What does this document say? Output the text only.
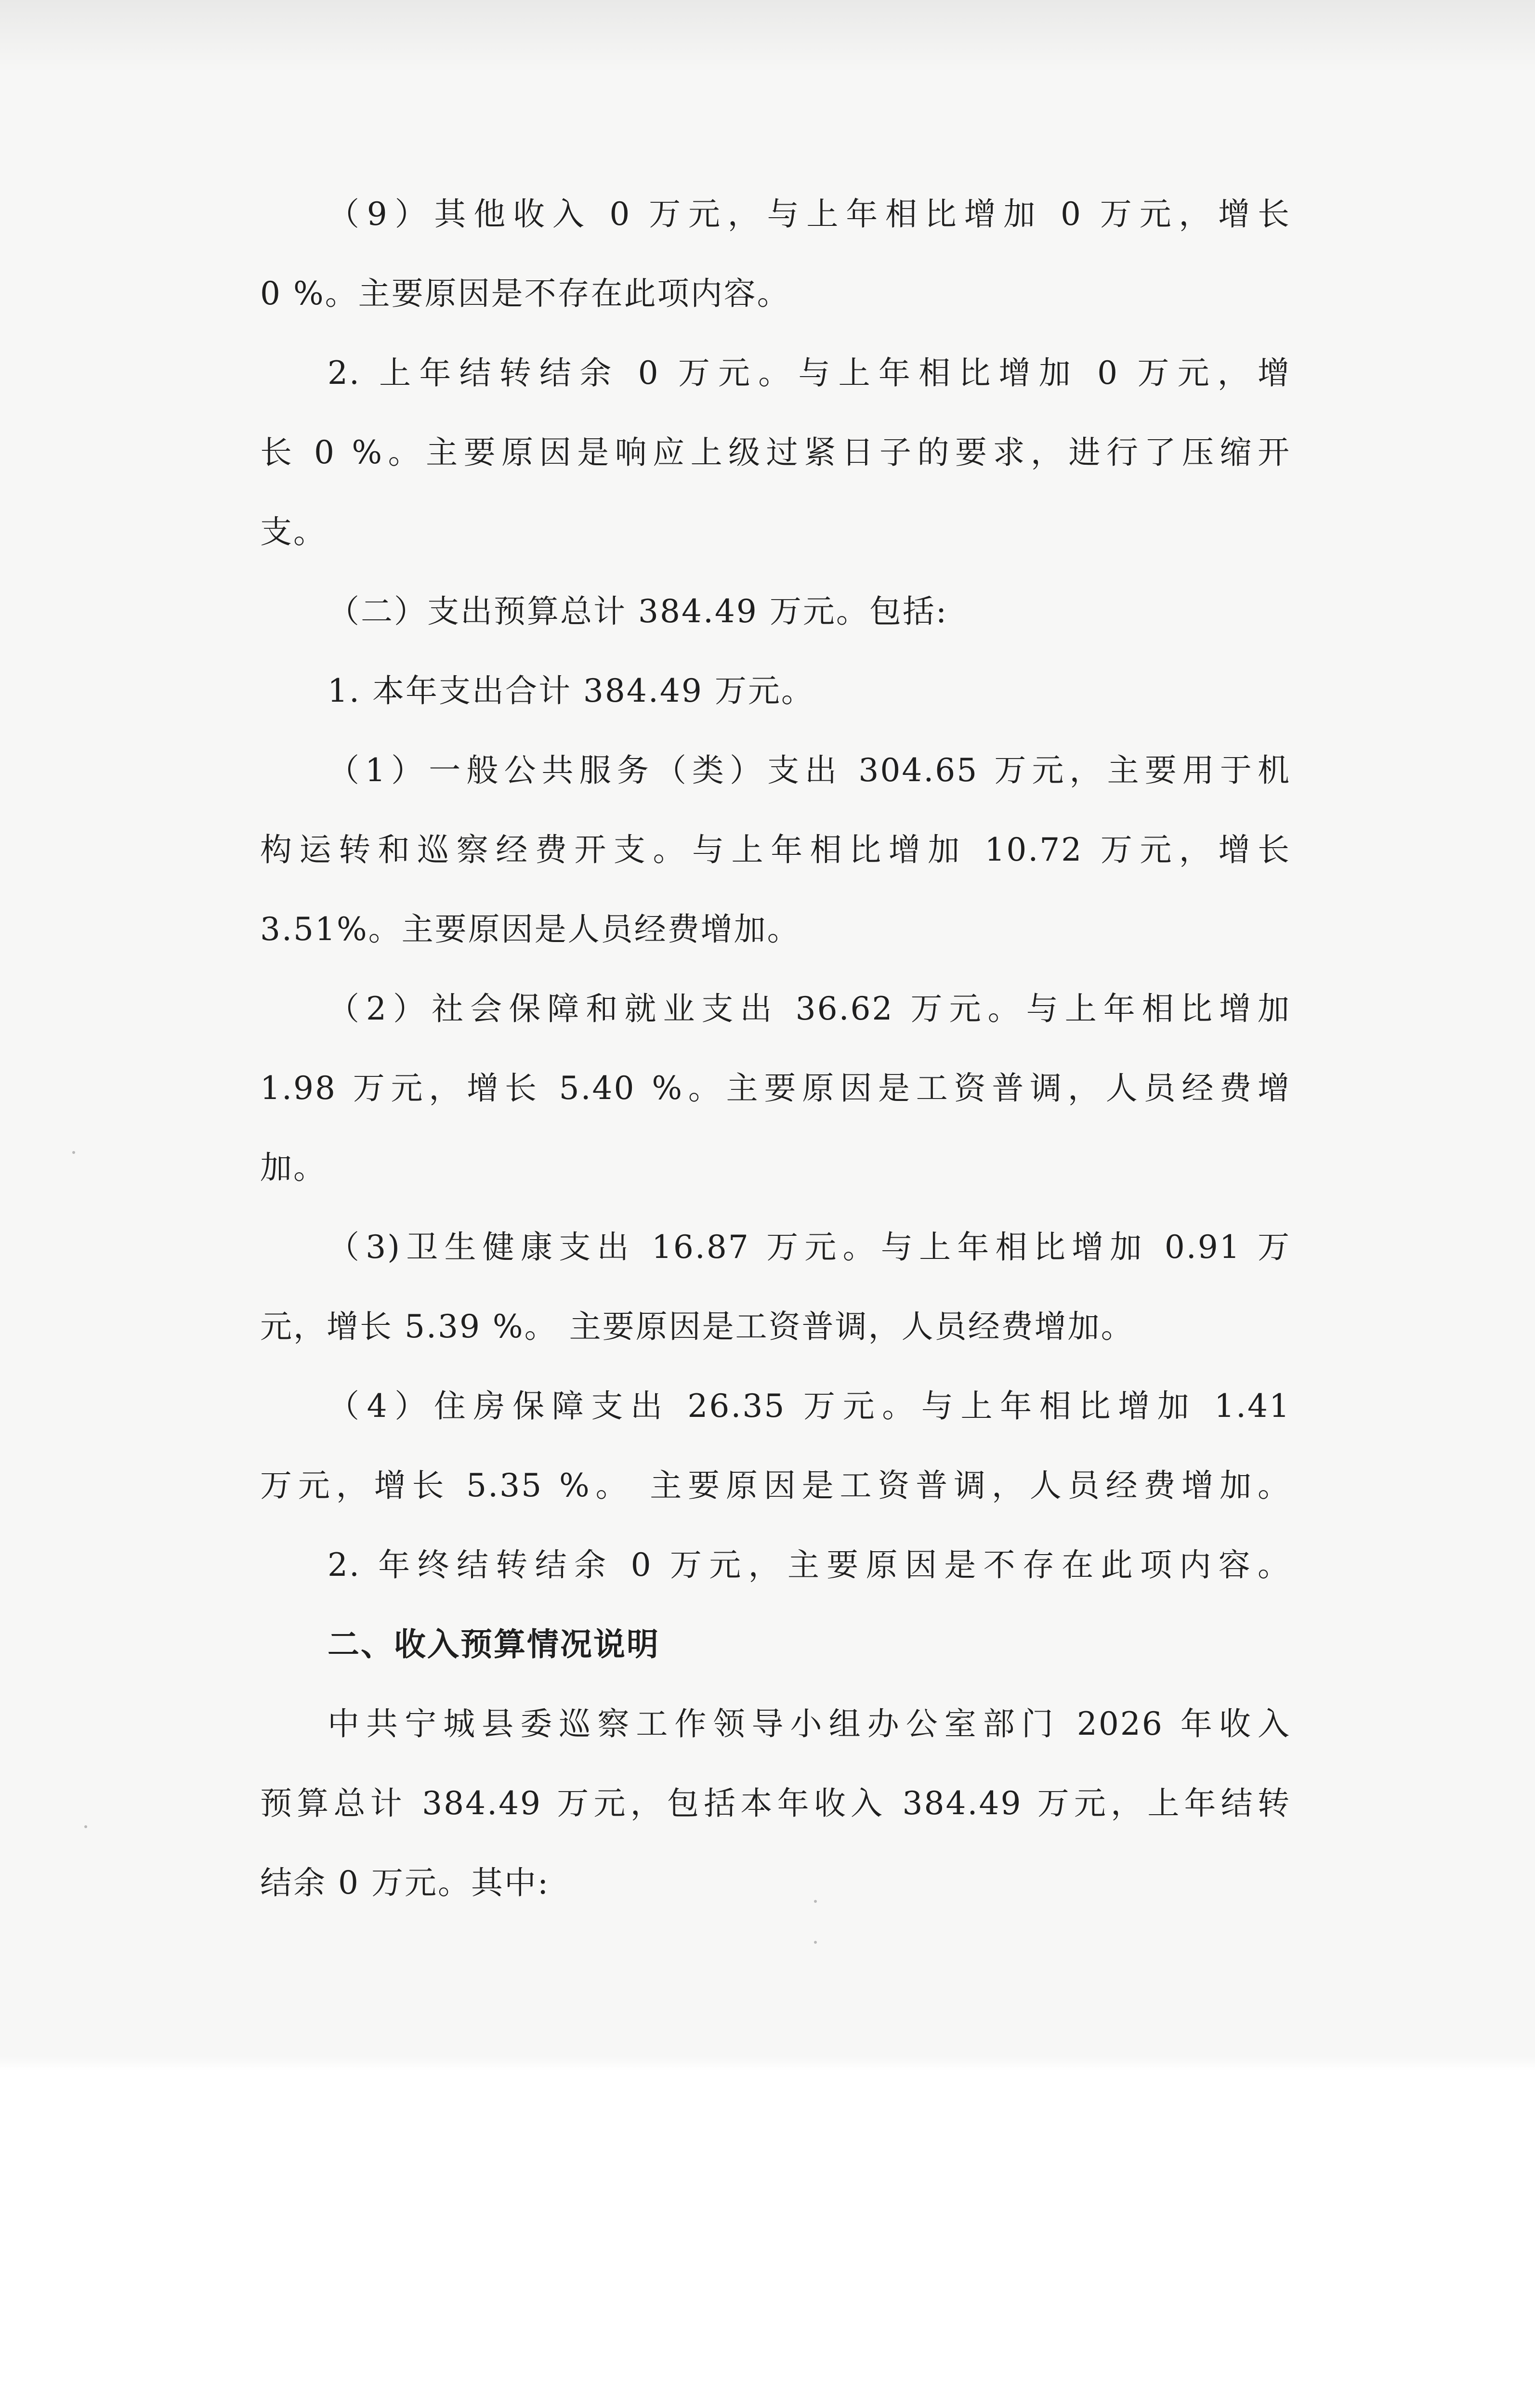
（9）其他收入 0 万元，与上年相比增加 0 万元，增长
0 %。主要原因是不存在此项内容。
2. 上年结转结余 0 万元。与上年相比增加 0 万元，增
长 0 %。主要原因是响应上级过紧日子的要求，进行了压缩开
支。
（二）支出预算总计 384.49 万元。包括:
1. 本年支出合计 384.49 万元。
（1）一般公共服务（类）支出 304.65 万元，主要用于机
构运转和巡察经费开支。与上年相比增加 10.72 万元，增长
3.51%。主要原因是人员经费增加。
（2）社会保障和就业支出 36.62 万元。与上年相比增加
1.98 万元，增长 5.40 %。主要原因是工资普调，人员经费增
加。
（3)卫生健康支出 16.87 万元。与上年相比增加 0.91 万
元，增长 5.39 %。 主要原因是工资普调，人员经费增加。
（4）住房保障支出 26.35 万元。与上年相比增加 1.41
万元，增长 5.35 %。 主要原因是工资普调，人员经费增加。
2. 年终结转结余 0 万元，主要原因是不存在此项内容。
二、收入预算情况说明
中共宁城县委巡察工作领导小组办公室部门 2026 年收入
预算总计 384.49 万元，包括本年收入 384.49 万元，上年结转
结余 0 万元。其中:
